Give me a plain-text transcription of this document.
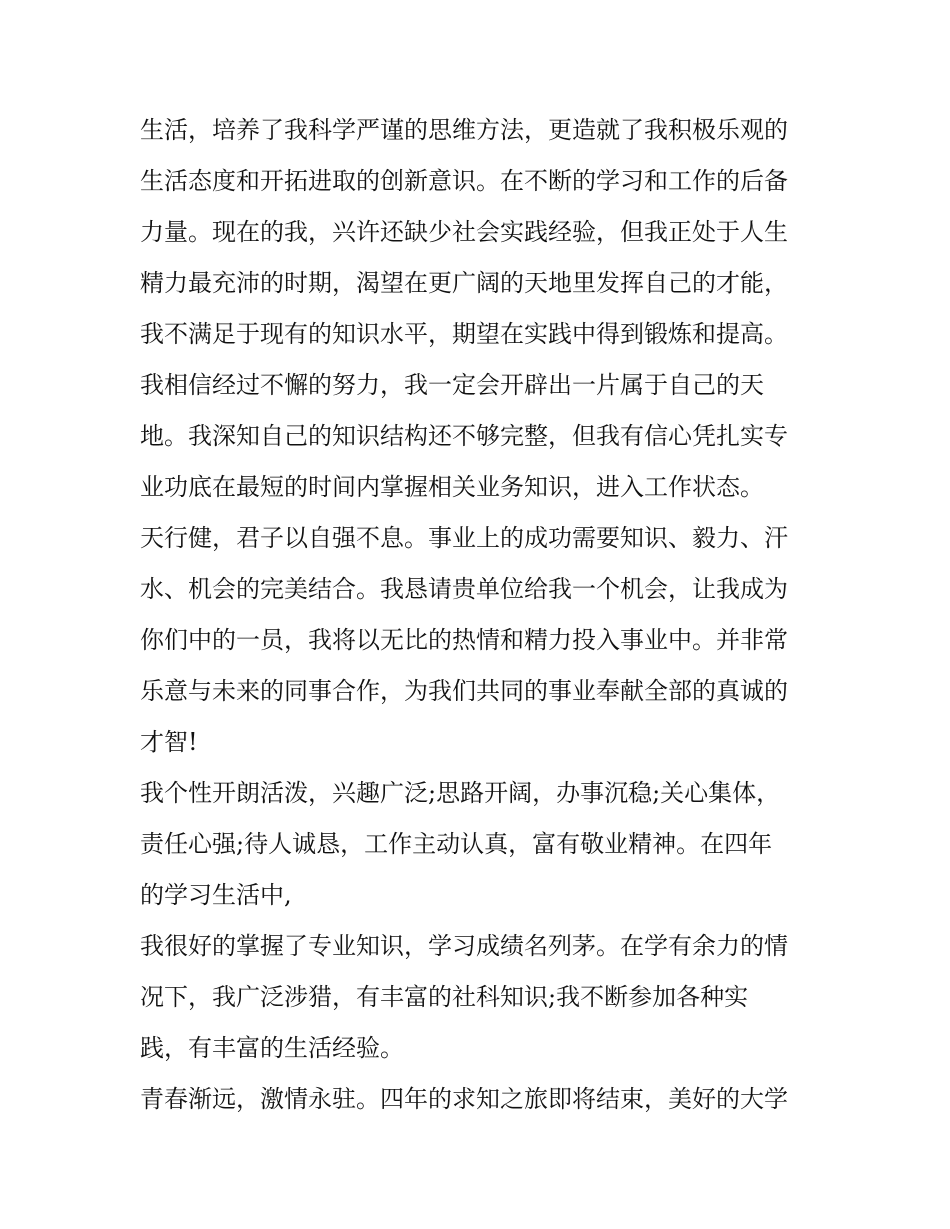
生活，培养了我科学严谨的思维方法，更造就了我积极乐观的
生活态度和开拓进取的创新意识。在不断的学习和工作的后备
力量。现在的我，兴许还缺少社会实践经验，但我正处于人生
精力最充沛的时期，渴望在更广阔的天地里发挥自己的才能，
我不满足于现有的知识水平，期望在实践中得到锻炼和提高。
我相信经过不懈的努力，我一定会开辟出一片属于自己的天
地。我深知自己的知识结构还不够完整，但我有信心凭扎实专
业功底在最短的时间内掌握相关业务知识，进入工作状态。
天行健，君子以自强不息。事业上的成功需要知识、毅力、汗
水、机会的完美结合。我恳请贵单位给我一个机会，让我成为
你们中的一员，我将以无比的热情和精力投入事业中。并非常
乐意与未来的同事合作，为我们共同的事业奉献全部的真诚的
才智!
我个性开朗活泼，兴趣广泛;思路开阔，办事沉稳;关心集体，
责任心强;待人诚恳，工作主动认真，富有敬业精神。在四年
的学习生活中,
我很好的掌握了专业知识，学习成绩名列茅。在学有余力的情
况下，我广泛涉猎，有丰富的社科知识;我不断参加各种实
践，有丰富的生活经验。
青春渐远，激情永驻。四年的求知之旅即将结束，美好的大学
